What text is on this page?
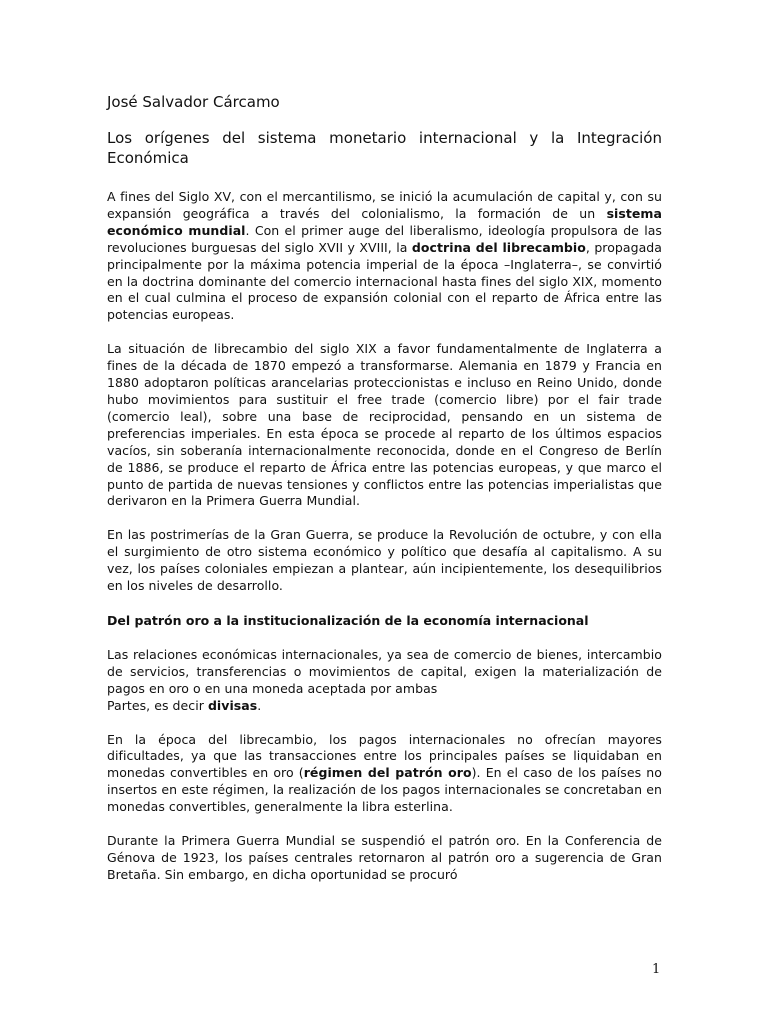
José Salvador Cárcamo
Los orígenes del sistema monetario internacional y la Integración Económica

A fines del Siglo XV, con el mercantilismo, se inició la acumulación de capital y, con su expansión geográfica a través del colonialismo, la formación de un sistema económico mundial. Con el primer auge del liberalismo, ideología propulsora de las revoluciones burguesas del siglo XVII y XVIII, la doctrina del librecambio, propagada principalmente por la máxima potencia imperial de la época –Inglaterra–, se convirtió en la doctrina dominante del comercio internacional hasta fines del siglo XIX, momento en el cual culmina el proceso de expansión colonial con el reparto de África entre las potencias europeas.

La situación de librecambio del siglo XIX a favor fundamentalmente de Inglaterra a fines de la década de 1870 empezó a transformarse. Alemania en 1879 y Francia en 1880 adoptaron políticas arancelarias proteccionistas e incluso en Reino Unido, donde hubo movimientos para sustituir el free trade (comercio libre) por el fair trade (comercio leal), sobre una base de reciprocidad, pensando en un sistema de preferencias imperiales. En esta época se procede al reparto de los últimos espacios vacíos, sin soberanía internacionalmente reconocida, donde en el Congreso de Berlín de 1886, se produce el reparto de África entre las potencias europeas, y que marco el punto de partida de nuevas tensiones y conflictos entre las potencias imperialistas que derivaron en la Primera Guerra Mundial.

En las postrimerías de la Gran Guerra, se produce la Revolución de octubre, y con ella el surgimiento de otro sistema económico y político que desafía al capitalismo. A su vez, los países coloniales empiezan a plantear, aún incipientemente, los desequilibrios en los niveles de desarrollo.

Del patrón oro a la institucionalización de la economía internacional

Las relaciones económicas internacionales, ya sea de comercio de bienes, intercambio de servicios, transferencias o movimientos de capital, exigen la materialización de pagos en oro o en una moneda aceptada por ambas
Partes, es decir divisas.

En la época del librecambio, los pagos internacionales no ofrecían mayores dificultades, ya que las transacciones entre los principales países se liquidaban en monedas convertibles en oro (régimen del patrón oro). En el caso de los países no insertos en este régimen, la realización de los pagos internacionales se concretaban en monedas convertibles, generalmente la libra esterlina.

Durante la Primera Guerra Mundial se suspendió el patrón oro. En la Conferencia de Génova de 1923, los países centrales retornaron al patrón oro a sugerencia de Gran Bretaña. Sin embargo, en dicha oportunidad se procuró

1
